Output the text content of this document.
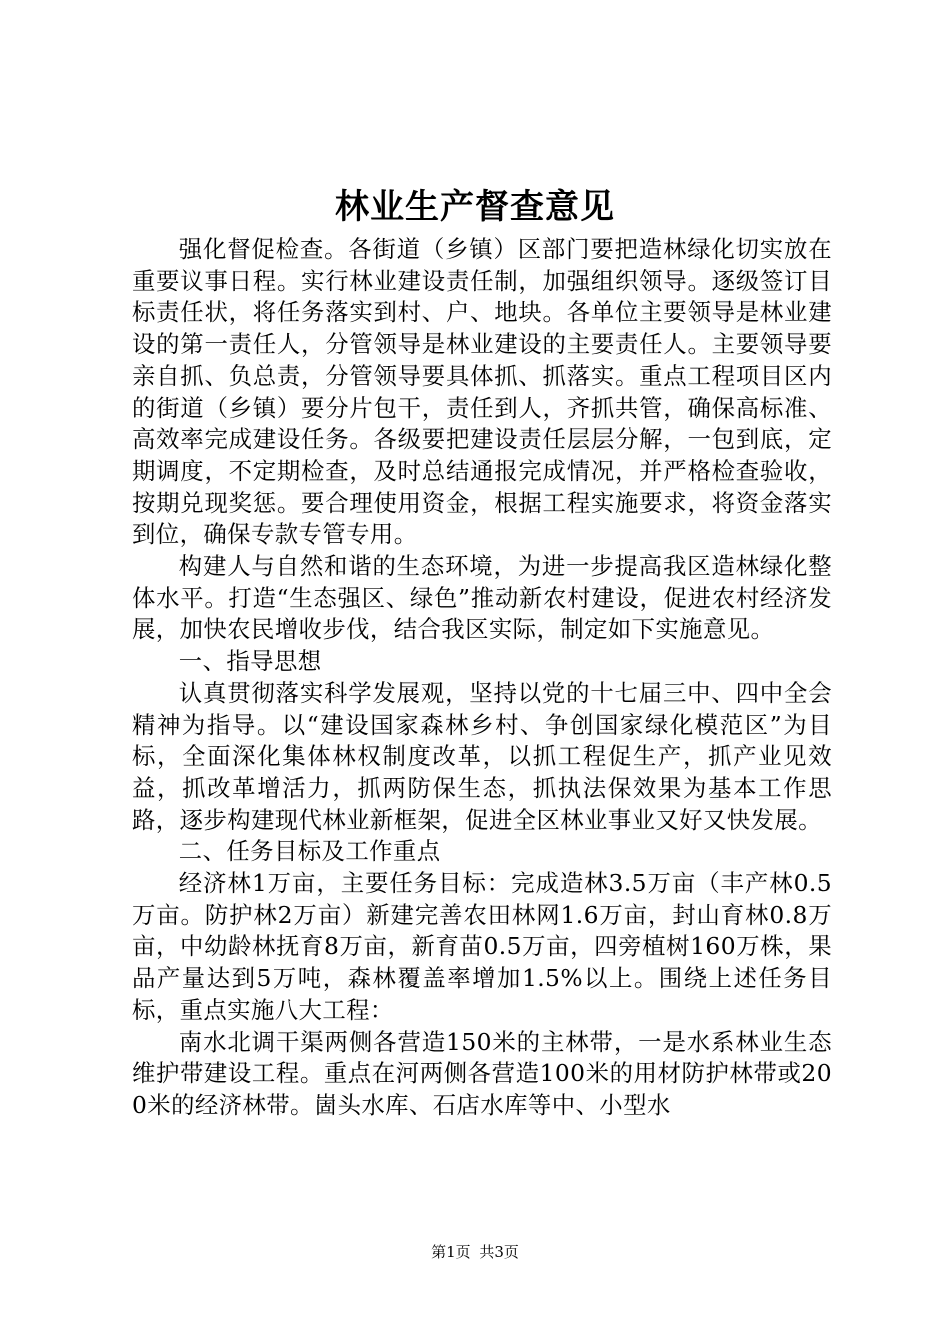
林业生产督查意见

强化督促检查。各街道（乡镇）区部门要把造林绿化切实放在重要议事日程。实行林业建设责任制，加强组织领导。逐级签订目标责任状，将任务落实到村、户、地块。各单位主要领导是林业建设的第一责任人，分管领导是林业建设的主要责任人。主要领导要亲自抓、负总责，分管领导要具体抓、抓落实。重点工程项目区内的街道（乡镇）要分片包干，责任到人，齐抓共管，确保高标准、高效率完成建设任务。各级要把建设责任层层分解，一包到底，定期调度，不定期检查，及时总结通报完成情况，并严格检查验收，按期兑现奖惩。要合理使用资金，根据工程实施要求，将资金落实到位，确保专款专管专用。

构建人与自然和谐的生态环境，为进一步提高我区造林绿化整体水平。打造“生态强区、绿色”推动新农村建设，促进农村经济发展，加快农民增收步伐，结合我区实际，制定如下实施意见。

一、指导思想

认真贯彻落实科学发展观，坚持以党的十七届三中、四中全会精神为指导。以“建设国家森林乡村、争创国家绿化模范区”为目标，全面深化集体林权制度改革，以抓工程促生产，抓产业见效益，抓改革增活力，抓两防保生态，抓执法保效果为基本工作思路，逐步构建现代林业新框架，促进全区林业事业又好又快发展。

二、任务目标及工作重点

经济林1万亩，主要任务目标：完成造林3.5万亩（丰产林0.5万亩。防护林2万亩）新建完善农田林网1.6万亩，封山育林0.8万亩，中幼龄林抚育8万亩，新育苗0.5万亩，四旁植树160万株，果品产量达到5万吨，森林覆盖率增加1.5%以上。围绕上述任务目标，重点实施八大工程：

南水北调干渠两侧各营造150米的主林带，一是水系林业生态维护带建设工程。重点在河两侧各营造100米的用材防护林带或200米的经济林带。崮头水库、石店水库等中、小型水

第1页 共3页
